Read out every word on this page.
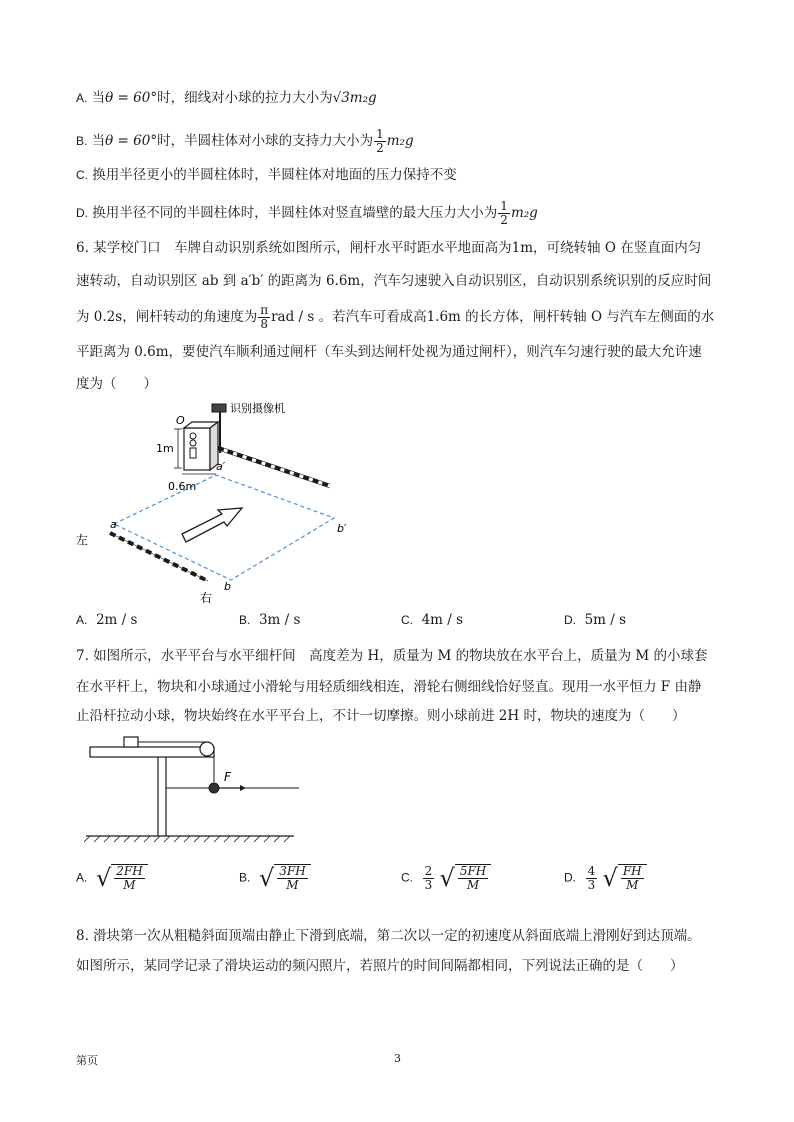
A. 当θ = 60°时，细线对小球的拉力大小为√3m₂g
B. 当θ = 60°时，半圆柱体对小球的支持力大小为 $\frac{1}{2} m_2g$
C. 换用半径更小的半圆柱体时，半圆柱体对地面的压力保持不变
D. 换用半径不同的半圆柱体时，半圆柱体对竖直墙壁的最大压力大小为 $\frac{1}{2} m_2g$
6. 某学校门口　车牌自动识别系统如图所示，闸杆水平时距水平地面高为1m，可绕转轴 O 在竖直面内匀
速转动，自动识别区 ab 到 a′b′ 的距离为 6.6m，汽车匀速驶入自动识别区，自动识别系统识别的反应时间
为 0.2s，闸杆转动的角速度为 $\frac{\pi}{8}$ rad / s 。若汽车可看成高1.6m 的长方体，闸杆转轴 O 与汽车左侧面的水
平距离为 0.6m，要使汽车顺利通过闸杆（车头到达闸杆处视为通过闸杆），则汽车匀速行驶的最大允许速
度为（　　）
识别摄像机
O
1m
0.6m
a′
b′
a
b
左
右
A. 2m / s	B. 3m / s	C. 4m / s	D. 5m / s
7. 如图所示，水平平台与水平细杆间　高度差为 H，质量为 M 的物块放在水平台上，质量为 M 的小球套
在水平杆上，物块和小球通过小滑轮与用轻质细线相连，滑轮右侧细线恰好竖直。现用一水平恒力 F 由静
止沿杆拉动小球，物块始终在水平平台上，不计一切摩擦。则小球前进 2H 时，物块的速度为（　　）
F
A. √ $\frac{2FH}{M}$	B. √ $\frac{3FH}{M}$	C. $\frac{2}{3}$ √ $\frac{5FH}{M}$	D. $\frac{4}{3}$ √ $\frac{FH}{M}$
8. 滑块第一次从粗糙斜面顶端由静止下滑到底端，第二次以一定的初速度从斜面底端上滑刚好到达顶端。
如图所示，某同学记录了滑块运动的频闪照片，若照片的时间间隔都相同，下列说法正确的是（　　）
第页	3
